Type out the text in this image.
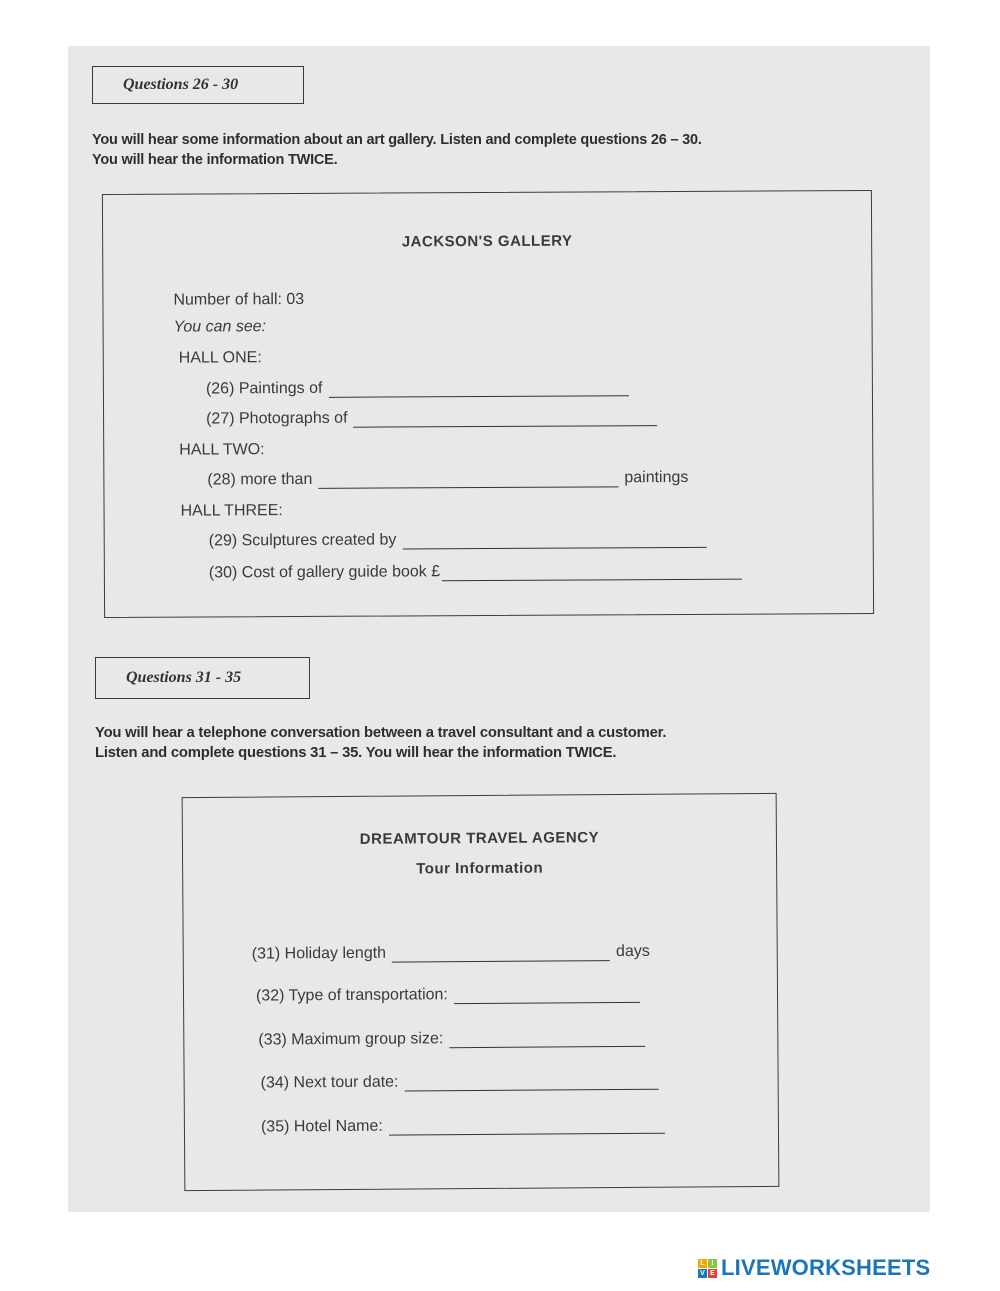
Questions 26 - 30
You will hear some information about an art gallery. Listen and complete questions 26 – 30.
You will hear the information TWICE.
JACKSON'S GALLERY
Number of hall: 03
You can see:
HALL ONE:
(26) Paintings of
(27) Photographs of
HALL TWO:
(28) more than	paintings
HALL THREE:
(29) Sculptures created by
(30) Cost of gallery guide book £
Questions 31 - 35
You will hear a telephone conversation between a travel consultant and a customer.
Listen and complete questions 31 – 35. You will hear the information TWICE.
DREAMTOUR TRAVEL AGENCY
Tour Information
(31) Holiday length	days
(32) Type of transportation:
(33) Maximum group size:
(34) Next tour date:
(35) Hotel Name:
L I
V E LIVEWORKSHEETS
